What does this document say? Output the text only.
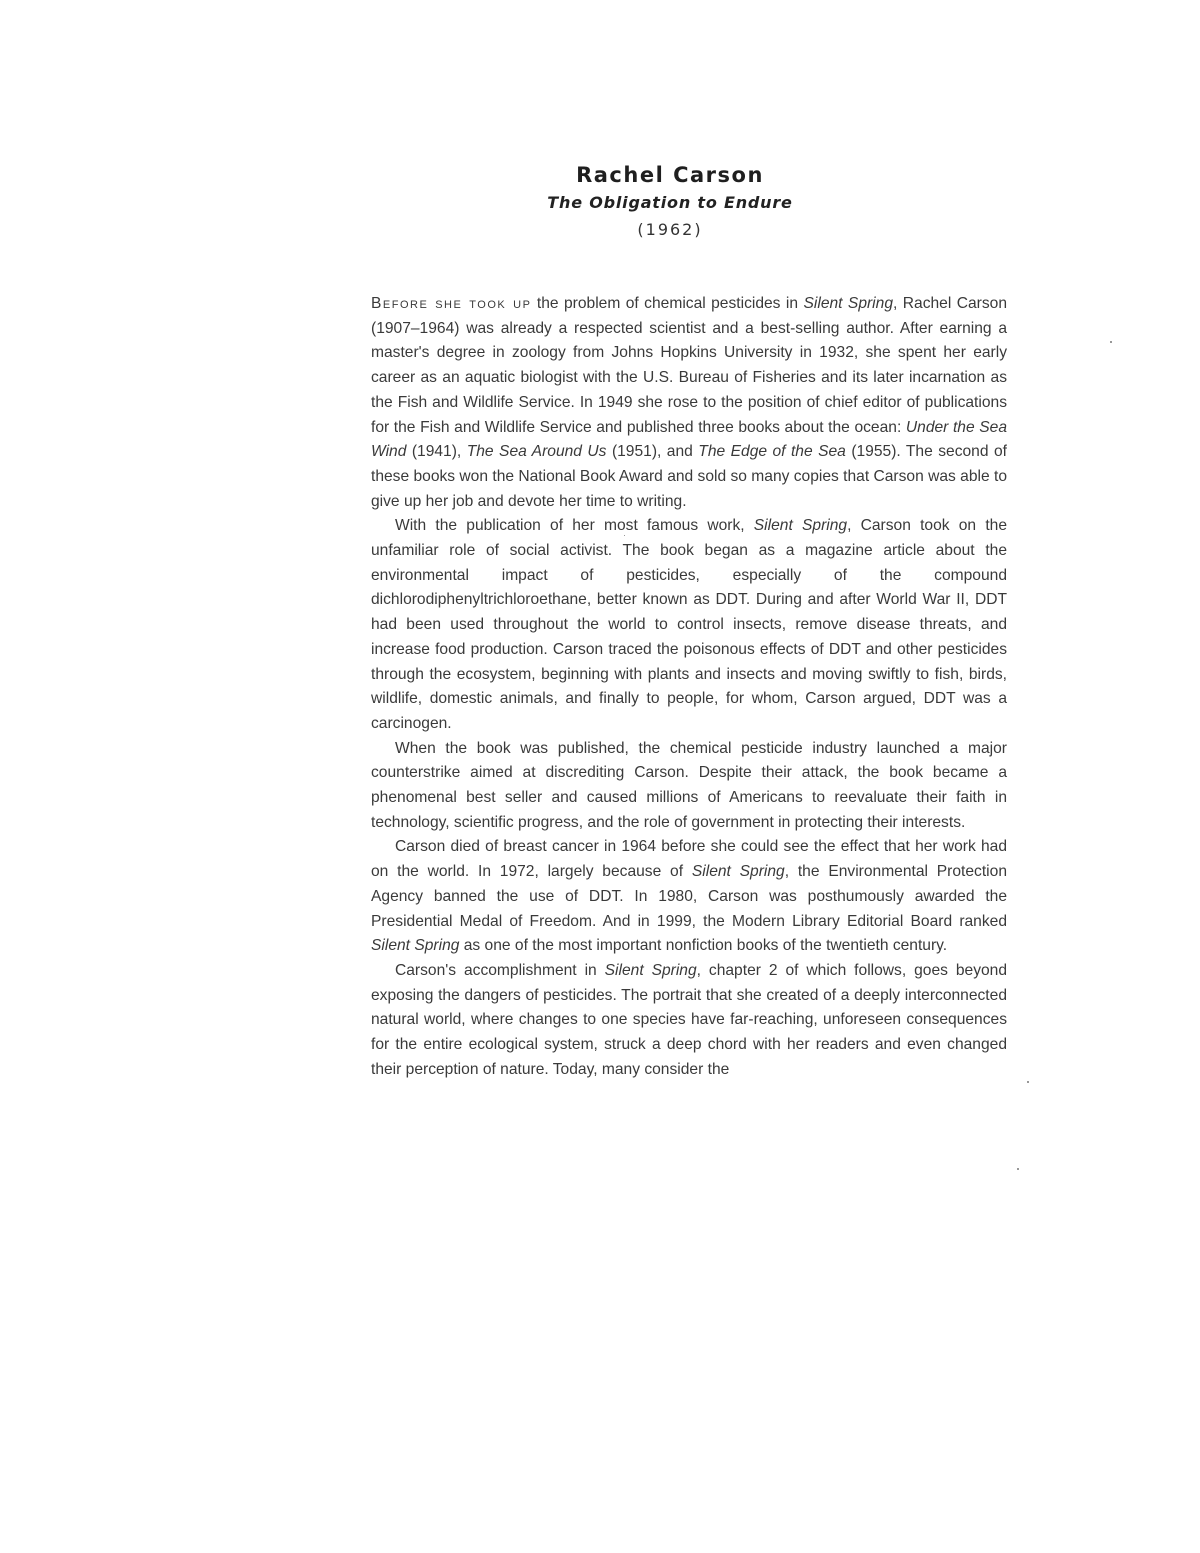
Rachel Carson

The Obligation to Endure

(1962)

Before she took up the problem of chemical pesticides in Silent Spring, Rachel Carson (1907–1964) was already a respected scientist and a best-selling author. After earning a master's degree in zoology from Johns Hopkins University in 1932, she spent her early career as an aquatic biologist with the U.S. Bureau of Fisheries and its later incarnation as the Fish and Wildlife Service. In 1949 she rose to the position of chief editor of publications for the Fish and Wildlife Service and published three books about the ocean: Under the Sea Wind (1941), The Sea Around Us (1951), and The Edge of the Sea (1955). The second of these books won the National Book Award and sold so many copies that Carson was able to give up her job and devote her time to writing.

With the publication of her most famous work, Silent Spring, Carson took on the unfamiliar role of social activist. The book began as a magazine article about the environmental impact of pesticides, especially of the compound dichlorodiphenyltrichloroethane, better known as DDT. During and after World War II, DDT had been used throughout the world to control insects, remove disease threats, and increase food production. Carson traced the poisonous effects of DDT and other pesticides through the ecosystem, beginning with plants and insects and moving swiftly to fish, birds, wildlife, domestic animals, and finally to people, for whom, Carson argued, DDT was a carcinogen.

When the book was published, the chemical pesticide industry launched a major counterstrike aimed at discrediting Carson. Despite their attack, the book became a phenomenal best seller and caused millions of Americans to reevaluate their faith in technology, scientific progress, and the role of government in protecting their interests.

Carson died of breast cancer in 1964 before she could see the effect that her work had on the world. In 1972, largely because of Silent Spring, the Environmental Protection Agency banned the use of DDT. In 1980, Carson was posthumously awarded the Presidential Medal of Freedom. And in 1999, the Modern Library Editorial Board ranked Silent Spring as one of the most important nonfiction books of the twentieth century.

Carson's accomplishment in Silent Spring, chapter 2 of which follows, goes beyond exposing the dangers of pesticides. The portrait that she created of a deeply interconnected natural world, where changes to one species have far-reaching, unforeseen consequences for the entire ecological system, struck a deep chord with her readers and even changed their perception of nature. Today, many consider the
